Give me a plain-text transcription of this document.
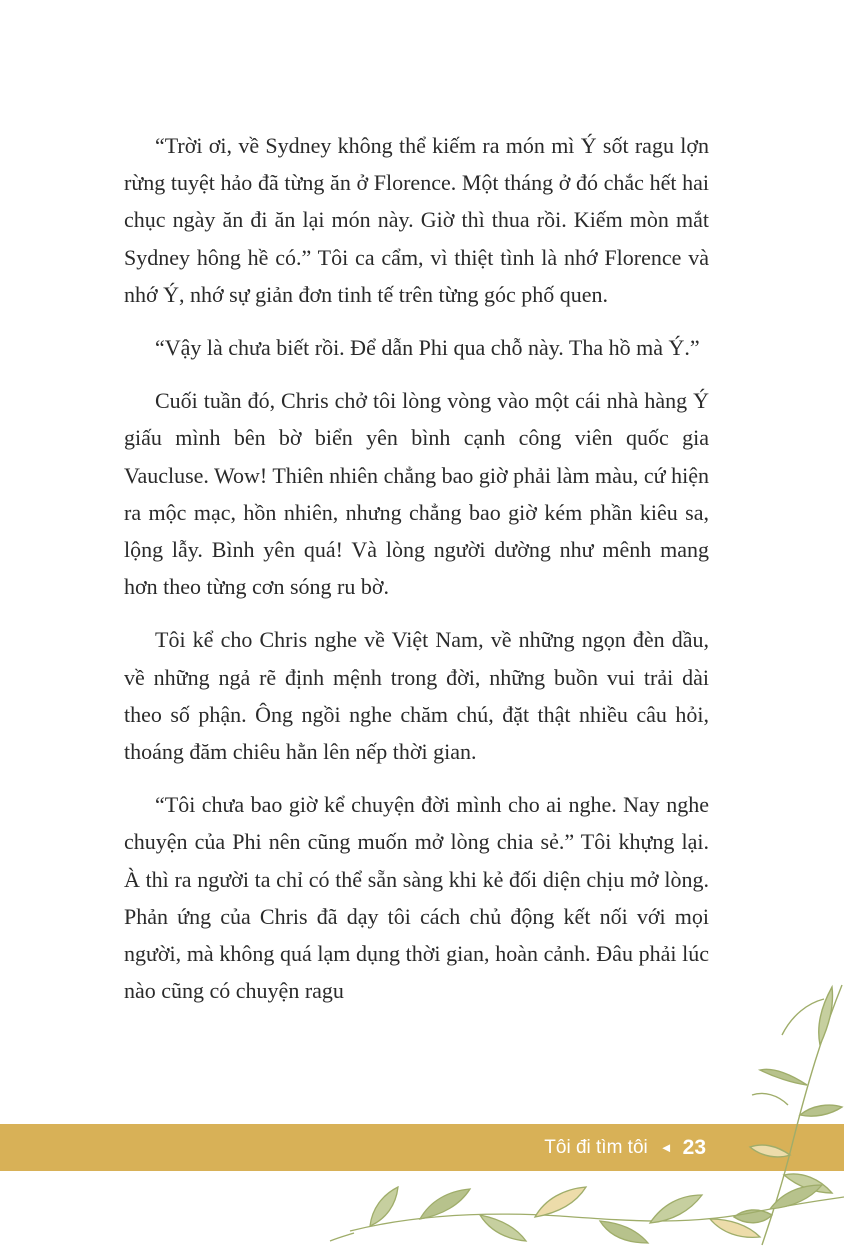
“Trời ơi, về Sydney không thể kiếm ra món mì Ý sốt ragu lợn rừng tuyệt hảo đã từng ăn ở Florence. Một tháng ở đó chắc hết hai chục ngày ăn đi ăn lại món này. Giờ thì thua rồi. Kiếm mòn mắt Sydney hông hề có.” Tôi ca cẩm, vì thiệt tình là nhớ Florence và nhớ Ý, nhớ sự giản đơn tinh tế trên từng góc phố quen.

“Vậy là chưa biết rồi. Để dẫn Phi qua chỗ này. Tha hồ mà Ý.”

Cuối tuần đó, Chris chở tôi lòng vòng vào một cái nhà hàng Ý giấu mình bên bờ biển yên bình cạnh công viên quốc gia Vaucluse. Wow! Thiên nhiên chẳng bao giờ phải làm màu, cứ hiện ra mộc mạc, hồn nhiên, nhưng chẳng bao giờ kém phần kiêu sa, lộng lẫy. Bình yên quá! Và lòng người dường như mênh mang hơn theo từng cơn sóng ru bờ.

Tôi kể cho Chris nghe về Việt Nam, về những ngọn đèn dầu, về những ngả rẽ định mệnh trong đời, những buồn vui trải dài theo số phận. Ông ngồi nghe chăm chú, đặt thật nhiều câu hỏi, thoáng đăm chiêu hằn lên nếp thời gian.

“Tôi chưa bao giờ kể chuyện đời mình cho ai nghe. Nay nghe chuyện của Phi nên cũng muốn mở lòng chia sẻ.” Tôi khựng lại. À thì ra người ta chỉ có thể sẵn sàng khi kẻ đối diện chịu mở lòng. Phản ứng của Chris đã dạy tôi cách chủ động kết nối với mọi người, mà không quá lạm dụng thời gian, hoàn cảnh. Đâu phải lúc nào cũng có chuyện ragu

Tôi đi tìm tôi ◄ 23
